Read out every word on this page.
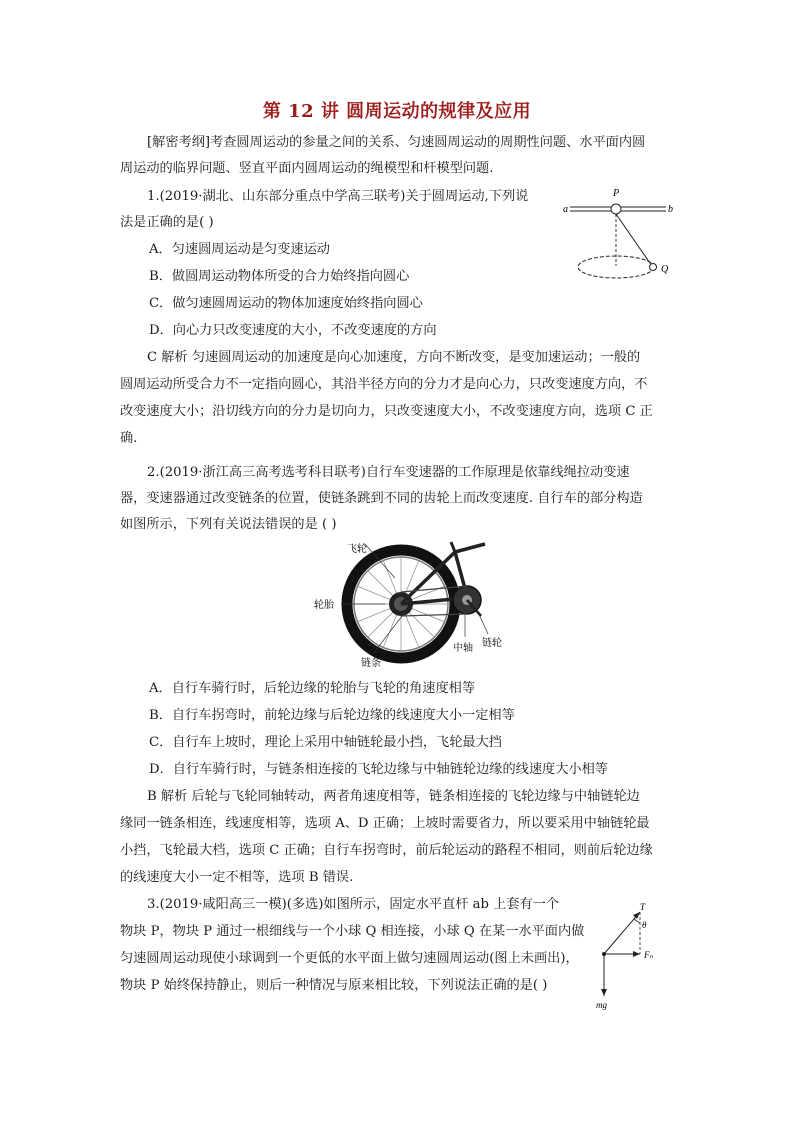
第 12 讲 圆周运动的规律及应用
[解密考纲]考查圆周运动的参量之间的关系、匀速圆周运动的周期性问题、水平面内圆
周运动的临界问题、竖直平面内圆周运动的绳模型和杆模型问题.
1.(2019·湖北、山东部分重点中学高三联考)关于圆周运动,下列说
法是正确的是( )
A．匀速圆周运动是匀变速运动
B．做圆周运动物体所受的合力始终指向圆心
C．做匀速圆周运动的物体加速度始终指向圆心
D．向心力只改变速度的大小，不改变速度的方向
C 解析 匀速圆周运动的加速度是向心加速度，方向不断改变，是变加速运动；一般的
圆周运动所受合力不一定指向圆心，其沿半径方向的分力才是向心力，只改变速度方向，不
改变速度大小；沿切线方向的分力是切向力，只改变速度大小，不改变速度方向，选项 C 正
确.
P
a	b
Q
2.(2019·浙江高三高考选考科目联考)自行车变速器的工作原理是依靠线绳拉动变速
器，变速器通过改变链条的位置，使链条跳到不同的齿轮上而改变速度. 自行车的部分构造
如图所示，下列有关说法错误的是 ( )
飞轮
轮胎
链条
中轴 链轮
A．自行车骑行时，后轮边缘的轮胎与飞轮的角速度相等
B．自行车拐弯时，前轮边缘与后轮边缘的线速度大小一定相等
C．自行车上坡时，理论上采用中轴链轮最小挡，飞轮最大挡
D．自行车骑行时，与链条相连接的飞轮边缘与中轴链轮边缘的线速度大小相等
B 解析 后轮与飞轮同轴转动，两者角速度相等，链条相连接的飞轮边缘与中轴链轮边
缘同一链条相连，线速度相等，选项 A、D 正确；上坡时需要省力，所以要采用中轴链轮最
小挡，飞轮最大档，选项 C 正确；自行车拐弯时，前后轮运动的路程不相同，则前后轮边缘
的线速度大小一定不相等，选项 B 错误.
3.(2019·咸阳高三一模)(多选)如图所示，固定水平直杆 ab 上套有一个
物块 P，物块 P 通过一根细线与一个小球 Q 相连接，小球 Q 在某一水平面内做
匀速圆周运动现使小球调到一个更低的水平面上做匀速圆周运动(图上未画出)，
物块 P 始终保持静止，则后一种情况与原来相比较，下列说法正确的是( )
T
θ
Fₙ
mg
